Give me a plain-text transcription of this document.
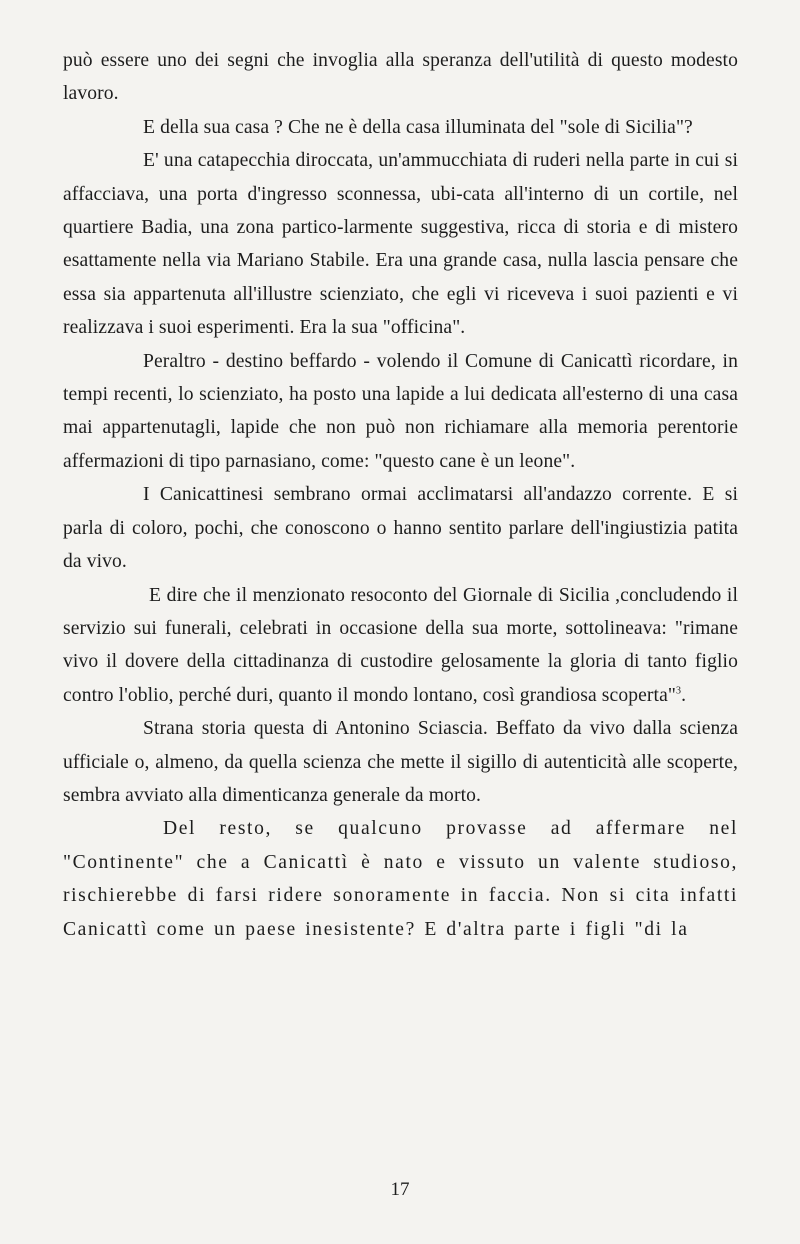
può essere uno dei segni che invoglia alla speranza dell'utilità di questo modesto lavoro.

E della sua casa ? Che ne è della casa illuminata del "sole di Sicilia"?

E' una catapecchia diroccata, un'ammucchiata di ruderi nella parte in cui si affacciava, una porta d'ingresso sconnessa, ubi-cata all'interno di un cortile, nel quartiere Badia, una zona partico-larmente suggestiva, ricca di storia e di mistero esattamente nella via Mariano Stabile. Era una grande casa, nulla lascia pensare che essa sia appartenuta all'illustre scienziato, che egli vi riceveva i suoi pazienti e vi realizzava i suoi esperimenti. Era la sua "officina".

Peraltro - destino beffardo - volendo il Comune di Canicattì ricordare, in tempi recenti, lo scienziato, ha posto una lapide a lui dedicata all'esterno di una casa mai appartenutagli, lapide che non può non richiamare alla memoria perentorie affermazioni di tipo parnasiano, come: "questo cane è un leone".

I Canicattinesi sembrano ormai acclimatarsi all'andazzo corrente. E si parla di coloro, pochi, che conoscono o hanno sentito parlare dell'ingiustizia patita da vivo.

E dire che il menzionato resoconto del Giornale di Sicilia ,concludendo il servizio sui funerali, celebrati in occasione della sua morte, sottolineava: "rimane vivo il dovere della cittadinanza di custodire gelosamente la gloria di tanto figlio contro l'oblio, perché duri, quanto il mondo lontano, così grandiosa scoperta"$^3$.

Strana storia questa di Antonino Sciascia. Beffato da vivo dalla scienza ufficiale o, almeno, da quella scienza che mette il sigillo di autenticità alle scoperte, sembra avviato alla dimenticanza generale da morto.

Del resto, se qualcuno provasse ad affermare nel "Continente" che a Canicattì è nato e vissuto un valente studioso, rischierebbe di farsi ridere sonoramente in faccia. Non si cita infatti Canicattì come un paese inesistente? E d'altra parte i figli "di la

17
